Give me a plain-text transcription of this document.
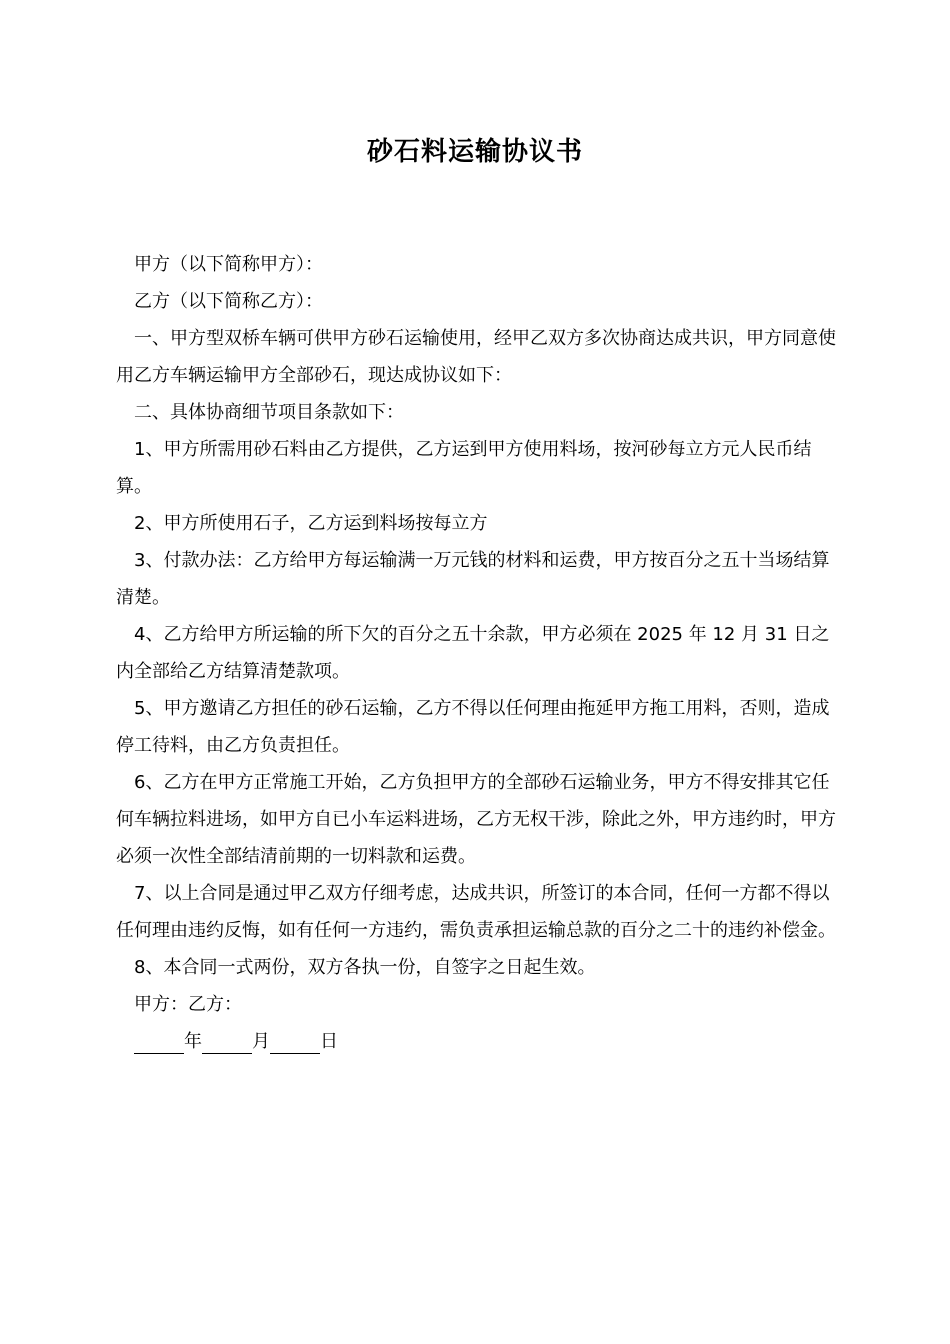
砂石料运输协议书

甲方（以下简称甲方）：

乙方（以下简称乙方）：

一、甲方型双桥车辆可供甲方砂石运输使用，经甲乙双方多次协商达成共识，甲方同意使用乙方车辆运输甲方全部砂石，现达成协议如下：

二、具体协商细节项目条款如下：

1、甲方所需用砂石料由乙方提供，乙方运到甲方使用料场，按河砂每立方元人民币结算。

2、甲方所使用石子，乙方运到料场按每立方

3、付款办法：乙方给甲方每运输满一万元钱的材料和运费，甲方按百分之五十当场结算清楚。

4、乙方给甲方所运输的所下欠的百分之五十余款，甲方必须在 2025 年 12 月 31 日之内全部给乙方结算清楚款项。

5、甲方邀请乙方担任的砂石运输，乙方不得以任何理由拖延甲方拖工用料，否则，造成停工待料，由乙方负责担任。

6、乙方在甲方正常施工开始，乙方负担甲方的全部砂石运输业务，甲方不得安排其它任何车辆拉料进场，如甲方自已小车运料进场，乙方无权干涉，除此之外，甲方违约时，甲方必须一次性全部结清前期的一切料款和运费。

7、以上合同是通过甲乙双方仔细考虑，达成共识，所签订的本合同，任何一方都不得以任何理由违约反悔，如有任何一方违约，需负责承担运输总款的百分之二十的违约补偿金。

8、本合同一式两份，双方各执一份，自签字之日起生效。

甲方：乙方：

年	月	日
